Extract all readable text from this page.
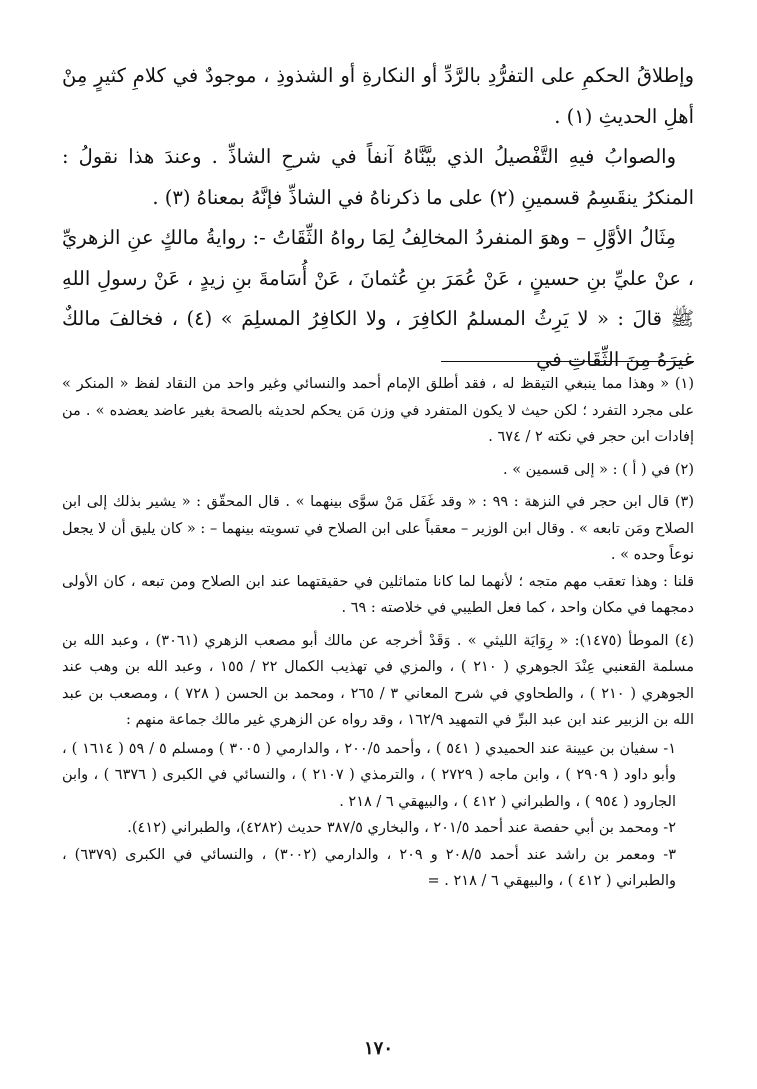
وإطلاقُ الحكمِ على التفرُّدِ بالرَّدِّ أو النكارةِ أو الشذوذِ ، موجودٌ في كلامِ كثيرٍ مِنْ أهلِ الحديثِ (١) .

والصوابُ فيهِ التَّفْصيلُ الذي بيَّنَّاهُ آنفاً في شرحِ الشاذِّ . وعندَ هذا نقولُ : المنكرُ ينقَسِمُ قسمينِ (٢) على ما ذكرناهُ في الشاذِّ فإنَّهُ بمعناهُ (٣) .

مِثَالُ الأوَّلِ – وهوَ المنفردُ المخالِفُ لِمَا رواهُ الثِّقَاتُ -: روايةُ مالكٍ عنِ الزهريِّ ، عنْ عليِّ بنِ حسينٍ ، عَنْ عُمَرَ بنِ عُثمانَ ، عَنْ أُسَامةَ بنِ زيدٍ ، عَنْ رسولِ اللهِ ﷺ قالَ : « لا يَرِثُ المسلمُ الكافِرَ ، ولا الكافِرُ المسلِمَ » (٤) ، فخالفَ مالكٌ غيرَهُ مِنَ الثِّقَاتِ في

(١) « وهذا مما ينبغي التيقظ له ، فقد أطلق الإمام أحمد والنسائي وغير واحد من النقاد لفظ « المنكر » على مجرد التفرد ؛ لكن حيث لا يكون المتفرد في وزن مَن يحكم لحديثه بالصحة بغير عاضد يعضده » . من إفادات ابن حجر في نكته ٢ / ٦٧٤ .

(٢) في ( أ ) : « إلى قسمين » .

(٣) قال ابن حجر في النزهة : ٩٩ : « وقد غَفَل مَنْ سوَّى بينهما » . قال المحقّق : « يشير بذلك إلى ابن الصلاح ومَن تابعه » . وقال ابن الوزير – معقباً على ابن الصلاح في تسويته بينهما – : « كان يليق أن لا يجعل نوعاً وحده » .

قلنا : وهذا تعقب مهم متجه ؛ لأنهما لما كانا متماثلين في حقيقتهما عند ابن الصلاح ومن تبعه ، كان الأولى دمجهما في مكان واحد ، كما فعل الطيبي في خلاصته : ٦٩ .

(٤) الموطأ (١٤٧٥): « رِوَايَة الليثي » . وَقَدْ أخرجه عن مالك أبو مصعب الزهري (٣٠٦١) ، وعبد الله بن مسلمة القعنبي عِنْدَ الجوهري ( ٢١٠ ) ، والمزي في تهذيب الكمال ٢٢ / ١٥٥ ، وعبد الله بن وهب عند الجوهري ( ٢١٠ ) ، والطحاوي في شرح المعاني ٣ / ٢٦٥ ، ومحمد بن الحسن ( ٧٢٨ ) ، ومصعب بن عبد الله بن الزبير عند ابن عبد البرِّ في التمهيد ١٦٢/٩ ، وقد رواه عن الزهري غير مالك جماعة منهم :

١- سفيان بن عيينة عند الحميدي ( ٥٤١ ) ، وأحمد ٢٠٠/٥ ، والدارمي ( ٣٠٠٥ ) ومسلم ٥ / ٥٩ ( ١٦١٤ ) ، وأبو داود ( ٢٩٠٩ ) ، وابن ماجه ( ٢٧٢٩ ) ، والترمذي ( ٢١٠٧ ) ، والنسائي في الكبرى ( ٦٣٧٦ ) ، وابن الجارود ( ٩٥٤ ) ، والطبراني ( ٤١٢ ) ، والبيهقي ٦ / ٢١٨ .

٢- ومحمد بن أبي حفصة عند أحمد ٢٠١/٥ ، والبخاري ٣٨٧/٥ حديث (٤٢٨٢)، والطبراني (٤١٢).

٣- ومعمر بن راشد عند أحمد ٢٠٨/٥ و ٢٠٩ ، والدارمي (٣٠٠٢) ، والنسائي في الكبرى (٦٣٧٩) ، والطبراني ( ٤١٢ ) ، والبيهقي ٦ / ٢١٨ . =

١٧٠
